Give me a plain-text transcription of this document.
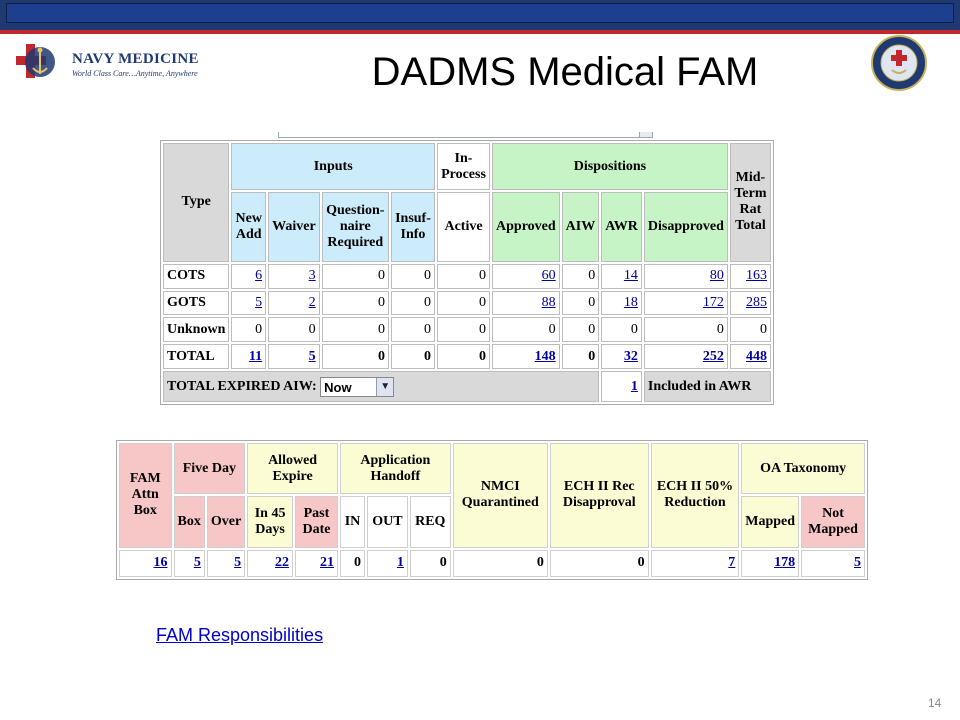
NAVY MEDICINE
World Class Care…Anytime, Anywhere	DADMS Medical FAM
Type	Inputs				In-Process	Dispositions				Mid-Term Rat Total
	New Add	Waiver	Question-naire Required	Insuf-Info	Active	Approved	AIW	AWR	Disapproved	
COTS	6	3	0	0	0	60	0	14	80	163
GOTS	5	2	0	0	0	88	0	18	172	285
Unknown	0	0	0	0	0	0	0	0	0	0
TOTAL	11	5	0	0	0	148	0	32	252	448
TOTAL EXPIRED AIW: Now ▼								1	Included in AWR	
FAM Attn Box	Five Day		Allowed Expire		Application Handoff			NMCI Quarantined	ECH II Rec Disapproval	ECH II 50% Reduction	OA Taxonomy	
	Box	Over	In 45 Days	Past Date	IN	OUT	REQ				Mapped	Not Mapped
16	5	5	22	21	0	1	0	0	0	7	178	5
FAM Responsibilities
14
